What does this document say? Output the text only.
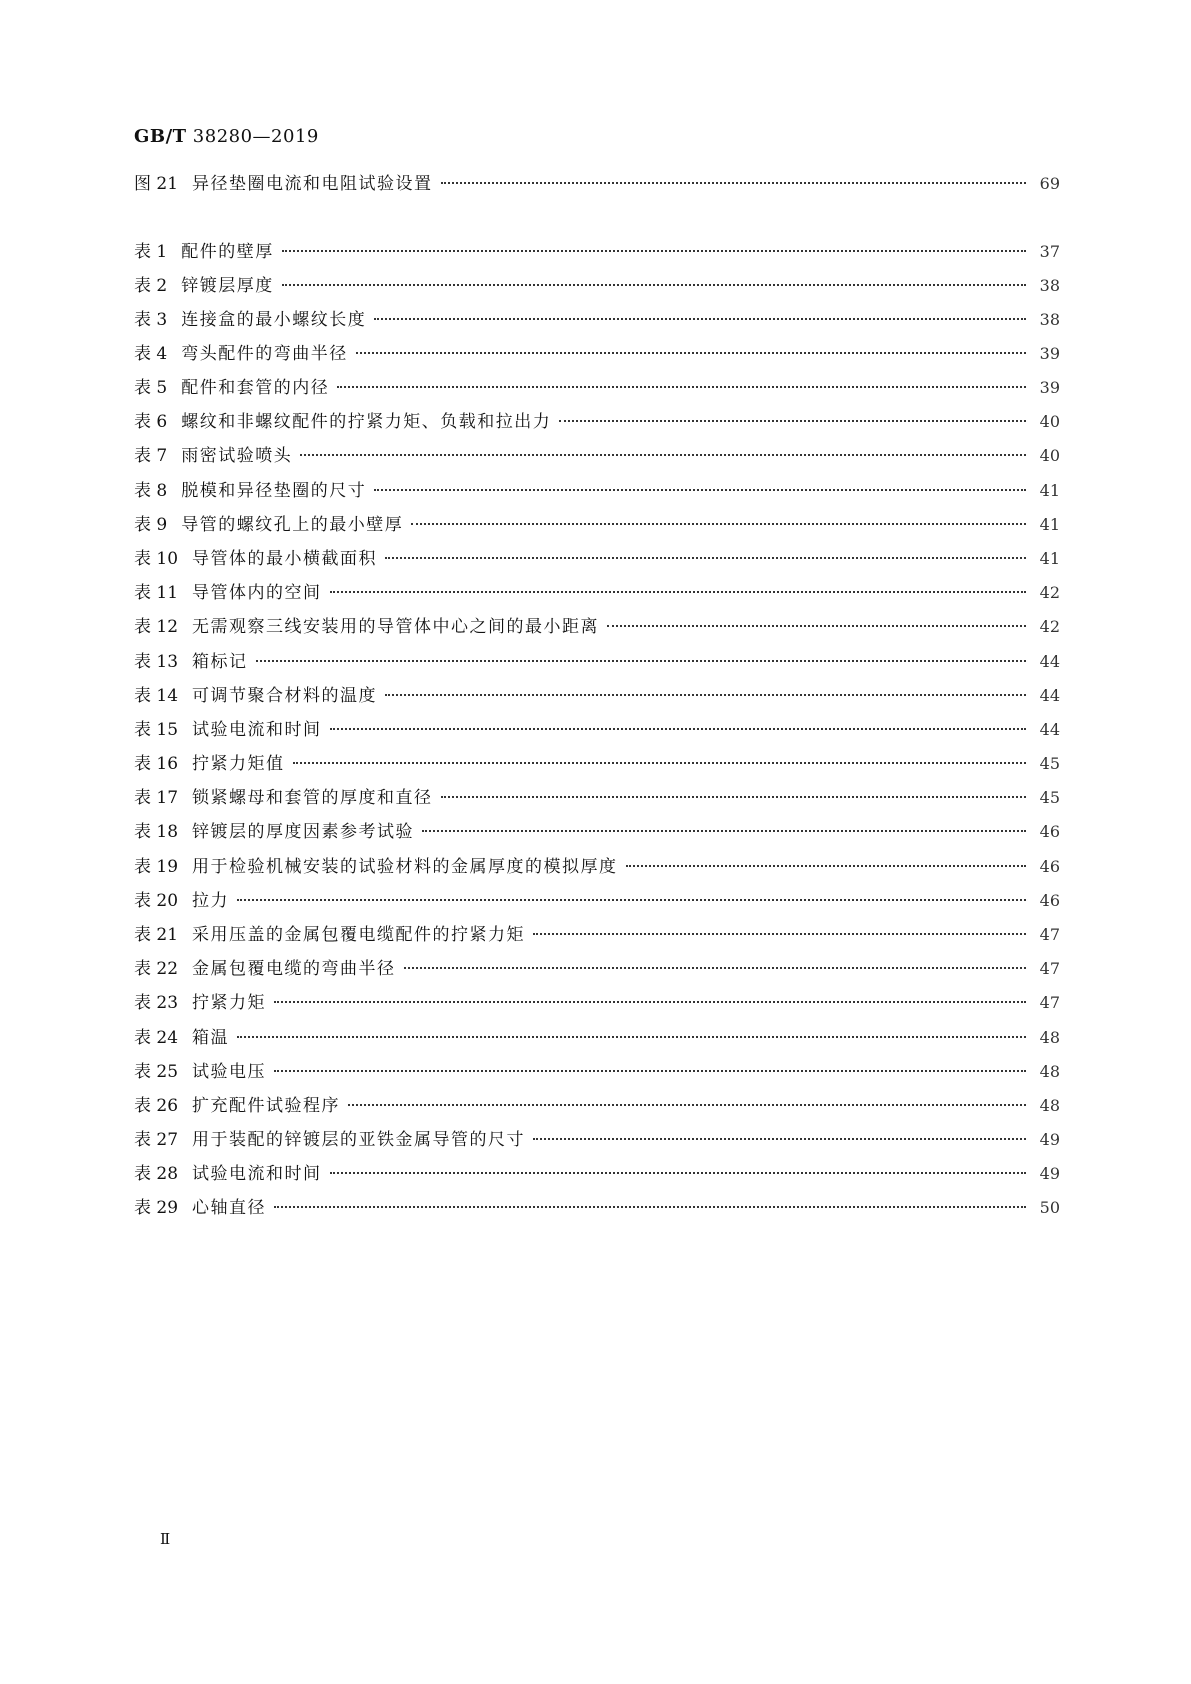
GB/T 38280—2019
图 21 异径垫圈电流和电阻试验设置	69
表 1 配件的壁厚	37
表 2 锌镀层厚度	38
表 3 连接盒的最小螺纹长度	38
表 4 弯头配件的弯曲半径	39
表 5 配件和套管的内径	39
表 6 螺纹和非螺纹配件的拧紧力矩、负载和拉出力	40
表 7 雨密试验喷头	40
表 8 脱模和异径垫圈的尺寸	41
表 9 导管的螺纹孔上的最小壁厚	41
表 10 导管体的最小横截面积	41
表 11 导管体内的空间	42
表 12 无需观察三线安装用的导管体中心之间的最小距离	42
表 13 箱标记	44
表 14 可调节聚合材料的温度	44
表 15 试验电流和时间	44
表 16 拧紧力矩值	45
表 17 锁紧螺母和套管的厚度和直径	45
表 18 锌镀层的厚度因素参考试验	46
表 19 用于检验机械安装的试验材料的金属厚度的模拟厚度	46
表 20 拉力	46
表 21 采用压盖的金属包覆电缆配件的拧紧力矩	47
表 22 金属包覆电缆的弯曲半径	47
表 23 拧紧力矩	47
表 24 箱温	48
表 25 试验电压	48
表 26 扩充配件试验程序	48
表 27 用于装配的锌镀层的亚铁金属导管的尺寸	49
表 28 试验电流和时间	49
表 29 心轴直径	50
Ⅱ
